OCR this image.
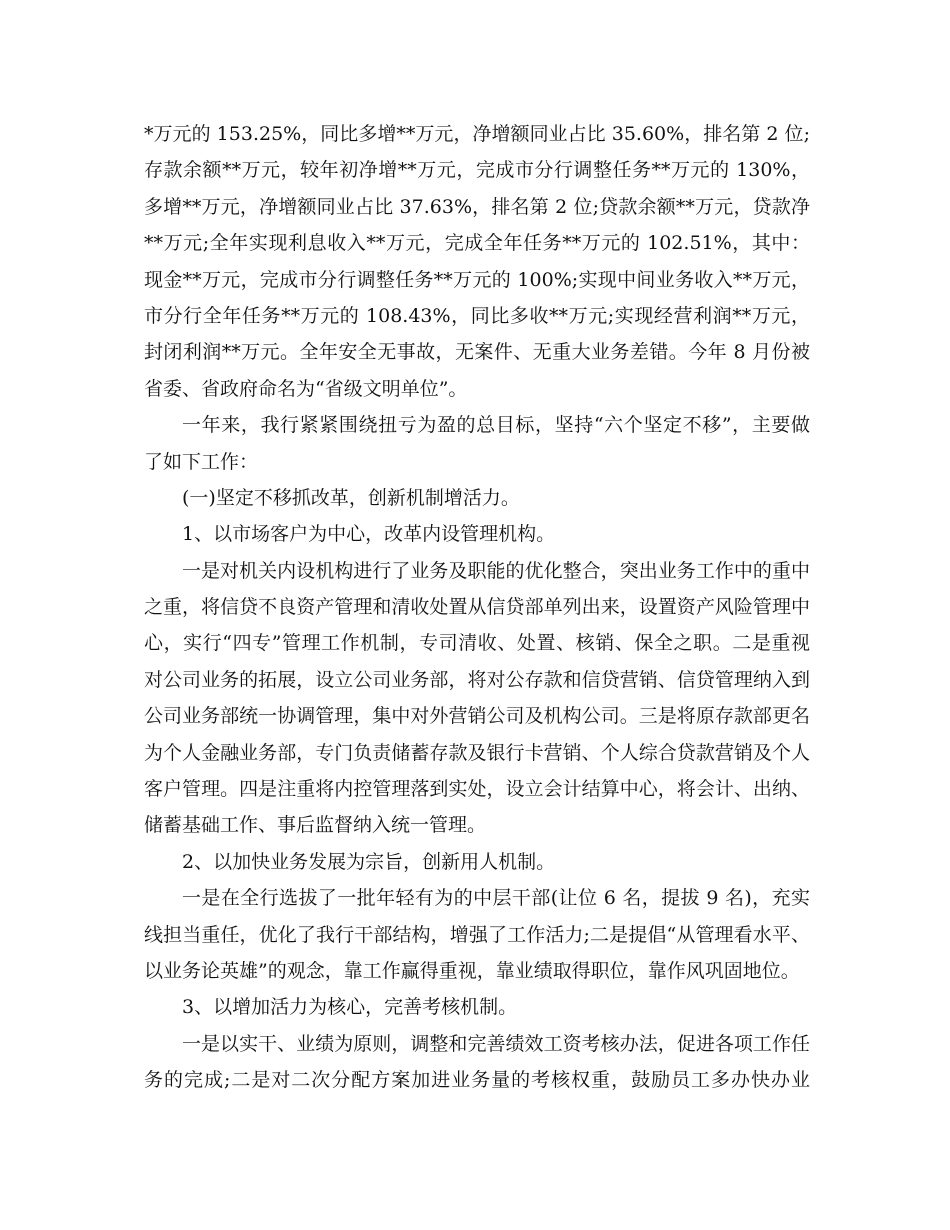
*万元的 153.25%，同比多增**万元，净增额同业占比 35.60%，排名第 2 位;
存款余额**万元，较年初净增**万元，完成市分行调整任务**万元的 130%，
多增**万元，净增额同业占比 37.63%，排名第 2 位;贷款余额**万元，贷款净
**万元;全年实现利息收入**万元，完成全年任务**万元的 102.51%，其中：
现金**万元，完成市分行调整任务**万元的 100%;实现中间业务收入**万元，
市分行全年任务**万元的 108.43%，同比多收**万元;实现经营利润**万元，
封闭利润**万元。全年安全无事故，无案件、无重大业务差错。今年 8 月份被
省委、省政府命名为“省级文明单位”。
一年来，我行紧紧围绕扭亏为盈的总目标，坚持“六个坚定不移”，主要做
了如下工作：
(一)坚定不移抓改革，创新机制增活力。
1、以市场客户为中心，改革内设管理机构。
一是对机关内设机构进行了业务及职能的优化整合，突出业务工作中的重中
之重，将信贷不良资产管理和清收处置从信贷部单列出来，设置资产风险管理中
心，实行“四专”管理工作机制，专司清收、处置、核销、保全之职。二是重视
对公司业务的拓展，设立公司业务部，将对公存款和信贷营销、信贷管理纳入到
公司业务部统一协调管理，集中对外营销公司及机构公司。三是将原存款部更名
为个人金融业务部，专门负责储蓄存款及银行卡营销、个人综合贷款营销及个人
客户管理。四是注重将内控管理落到实处，设立会计结算中心，将会计、出纳、
储蓄基础工作、事后监督纳入统一管理。
2、以加快业务发展为宗旨，创新用人机制。
一是在全行选拔了一批年轻有为的中层干部(让位 6 名，提拔 9 名)，充实
线担当重任，优化了我行干部结构，增强了工作活力;二是提倡“从管理看水平、
以业务论英雄”的观念，靠工作赢得重视，靠业绩取得职位，靠作风巩固地位。
3、以增加活力为核心，完善考核机制。
一是以实干、业绩为原则，调整和完善绩效工资考核办法，促进各项工作任
务的完成;二是对二次分配方案加进业务量的考核权重，鼓励员工多办快办业
